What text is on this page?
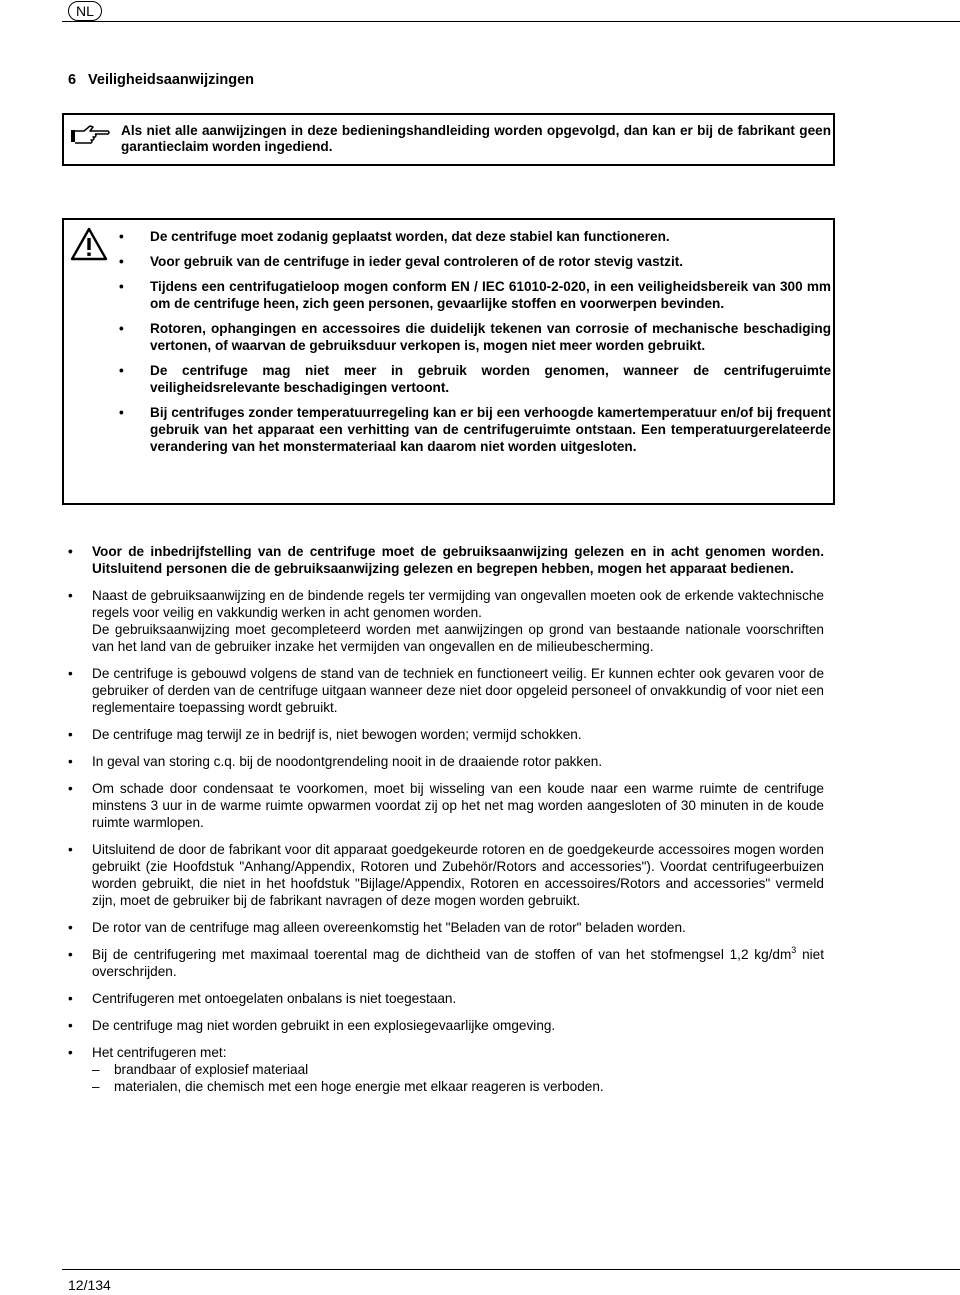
NL
6 Veiligheidsaanwijzingen
Als niet alle aanwijzingen in deze bedieningshandleiding worden opgevolgd, dan kan er bij de fabrikant geen garantieclaim worden ingediend.
• De centrifuge moet zodanig geplaatst worden, dat deze stabiel kan functioneren.
• Voor gebruik van de centrifuge in ieder geval controleren of de rotor stevig vastzit.
• Tijdens een centrifugatieloop mogen conform EN / IEC 61010-2-020, in een veiligheidsbereik van 300 mm om de centrifuge heen, zich geen personen, gevaarlijke stoffen en voorwerpen bevinden.
• Rotoren, ophangingen en accessoires die duidelijk tekenen van corrosie of mechanische beschadiging vertonen, of waarvan de gebruiksduur verkopen is, mogen niet meer worden gebruikt.
• De centrifuge mag niet meer in gebruik worden genomen, wanneer de centrifugeruimte veiligheidsrelevante beschadigingen vertoont.
• Bij centrifuges zonder temperatuurregeling kan er bij een verhoogde kamertemperatuur en/of bij frequent gebruik van het apparaat een verhitting van de centrifugeruimte ontstaan. Een temperatuurgerelateerde verandering van het monstermateriaal kan daarom niet worden uitgesloten.
• Voor de inbedrijfstelling van de centrifuge moet de gebruiksaanwijzing gelezen en in acht genomen worden. Uitsluitend personen die de gebruiksaanwijzing gelezen en begrepen hebben, mogen het apparaat bedienen.

• Naast de gebruiksaanwijzing en de bindende regels ter vermijding van ongevallen moeten ook de erkende vaktechnische regels voor veilig en vakkundig werken in acht genomen worden.

De gebruiksaanwijzing moet gecompleteerd worden met aanwijzingen op grond van bestaande nationale voorschriften van het land van de gebruiker inzake het vermijden van ongevallen en de milieubescherming.

• De centrifuge is gebouwd volgens de stand van de techniek en functioneert veilig. Er kunnen echter ook gevaren voor de gebruiker of derden van de centrifuge uitgaan wanneer deze niet door opgeleid personeel of onvakkundig of voor niet een reglementaire toepassing wordt gebruikt.
• De centrifuge mag terwijl ze in bedrijf is, niet bewogen worden; vermijd schokken.
• In geval van storing c.q. bij de noodontgrendeling nooit in de draaiende rotor pakken.
• Om schade door condensaat te voorkomen, moet bij wisseling van een koude naar een warme ruimte de centrifuge minstens 3 uur in de warme ruimte opwarmen voordat zij op het net mag worden aangesloten of 30 minuten in de koude ruimte warmlopen.
• Uitsluitend de door de fabrikant voor dit apparaat goedgekeurde rotoren en de goedgekeurde accessoires mogen worden gebruikt (zie Hoofdstuk "Anhang/Appendix, Rotoren und Zubehör/Rotors and accessories"). Voordat centrifugeerbuizen worden gebruikt, die niet in het hoofdstuk "Bijlage/Appendix, Rotoren en accessoires/Rotors and accessories" vermeld zijn, moet de gebruiker bij de fabrikant navragen of deze mogen worden gebruikt.
• De rotor van de centrifuge mag alleen overeenkomstig het "Beladen van de rotor" beladen worden.
• Bij de centrifugering met maximaal toerental mag de dichtheid van de stoffen of van het stofmengsel 1,2 $kg/dm^3$ niet overschrijden.
• Centrifugeren met ontoegelaten onbalans is niet toegestaan.
• De centrifuge mag niet worden gebruikt in een explosiegevaarlijke omgeving.
• Het centrifugeren met:
– brandbaar of explosief materiaal
– materialen, die chemisch met een hoge energie met elkaar reageren is verboden.
12/134
